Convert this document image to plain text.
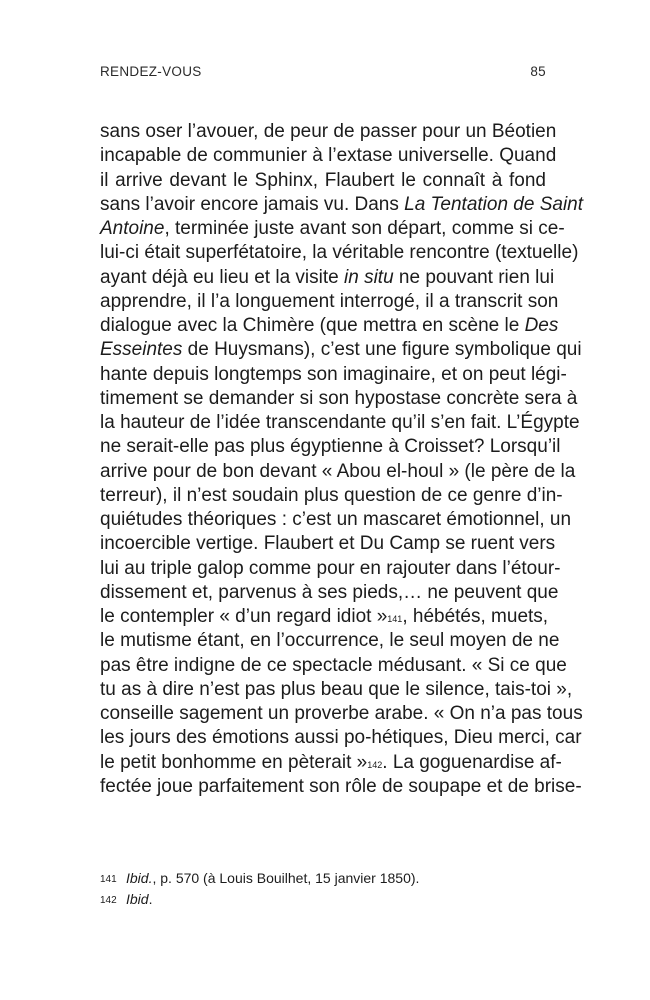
RENDEZ-VOUS	85
sans oser l’avouer, de peur de passer pour un Béotien
incapable de communier à l’extase universelle. Quand
il arrive devant le Sphinx, Flaubert le connaît à fond
sans l’avoir encore jamais vu. Dans La Tentation de Saint
Antoine, terminée juste avant son départ, comme si ce-
lui-ci était superfétatoire, la véritable rencontre (textuelle)
ayant déjà eu lieu et la visite in situ ne pouvant rien lui
apprendre, il l’a longuement interrogé, il a transcrit son
dialogue avec la Chimère (que mettra en scène le Des
Esseintes de Huysmans), c’est une figure symbolique qui
hante depuis longtemps son imaginaire, et on peut légi-
timement se demander si son hypostase concrète sera à
la hauteur de l’idée transcendante qu’il s’en fait. L’Égypte
ne serait-elle pas plus égyptienne à Croisset? Lorsqu’il
arrive pour de bon devant « Abou el-houl » (le père de la
terreur), il n’est soudain plus question de ce genre d’in-
quiétudes théoriques : c’est un mascaret émotionnel, un
incoercible vertige. Flaubert et Du Camp se ruent vers
lui au triple galop comme pour en rajouter dans l’étour-
dissement et, parvenus à ses pieds,… ne peuvent que
le contempler « d’un regard idiot »$^{141}$, hébétés, muets,
le mutisme étant, en l’occurrence, le seul moyen de ne
pas être indigne de ce spectacle médusant. « Si ce que
tu as à dire n’est pas plus beau que le silence, tais-toi »,
conseille sagement un proverbe arabe. « On n’a pas tous
les jours des émotions aussi po-hétiques, Dieu merci, car
le petit bonhomme en pèterait »$^{142}$. La goguenardise af-
fectée joue parfaitement son rôle de soupape et de brise-
141 Ibid., p. 570 (à Louis Bouilhet, 15 janvier 1850).
142 Ibid.
